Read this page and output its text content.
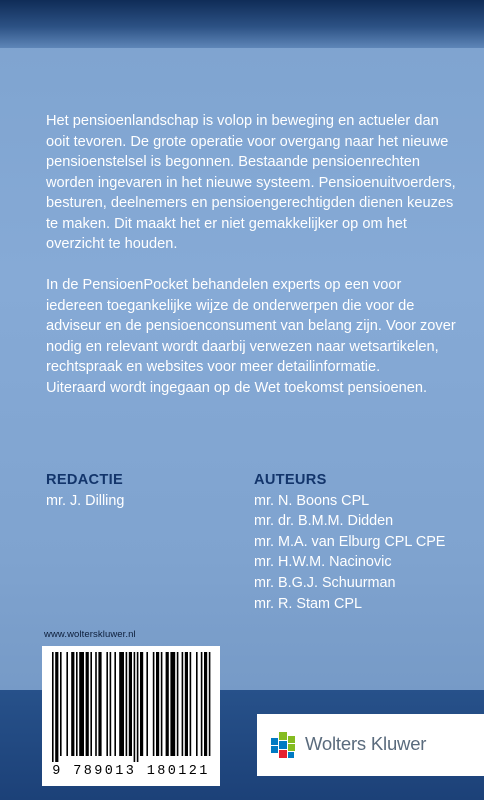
Het pensioenlandschap is volop in beweging en actueler dan ooit tevoren. De grote operatie voor overgang naar het nieuwe pensioenstelsel is begonnen. Bestaande pensioenrechten worden ingevaren in het nieuwe systeem. Pensioenuitvoerders, besturen, deelnemers en pensioengerechtigden dienen keuzes te maken. Dit maakt het er niet gemakkelijker op om het overzicht te houden.

In de PensioenPocket behandelen experts op een voor iedereen toegankelijke wijze de onderwerpen die voor de adviseur en de pensioenconsument van belang zijn. Voor zover nodig en relevant wordt daarbij verwezen naar wetsartikelen, rechtspraak en websites voor meer detailinformatie.
Uiteraard wordt ingegaan op de Wet toekomst pensioenen.

REDACTIE
mr. J. Dilling
AUTEURS
mr. N. Boons CPL
mr. dr. B.M.M. Didden
mr. M.A. van Elburg CPL CPE
mr. H.W.M. Nacinovic
mr. B.G.J. Schuurman
mr. R. Stam CPL
www.wolterskluwer.nl
9 789013 180121
Wolters Kluwer
